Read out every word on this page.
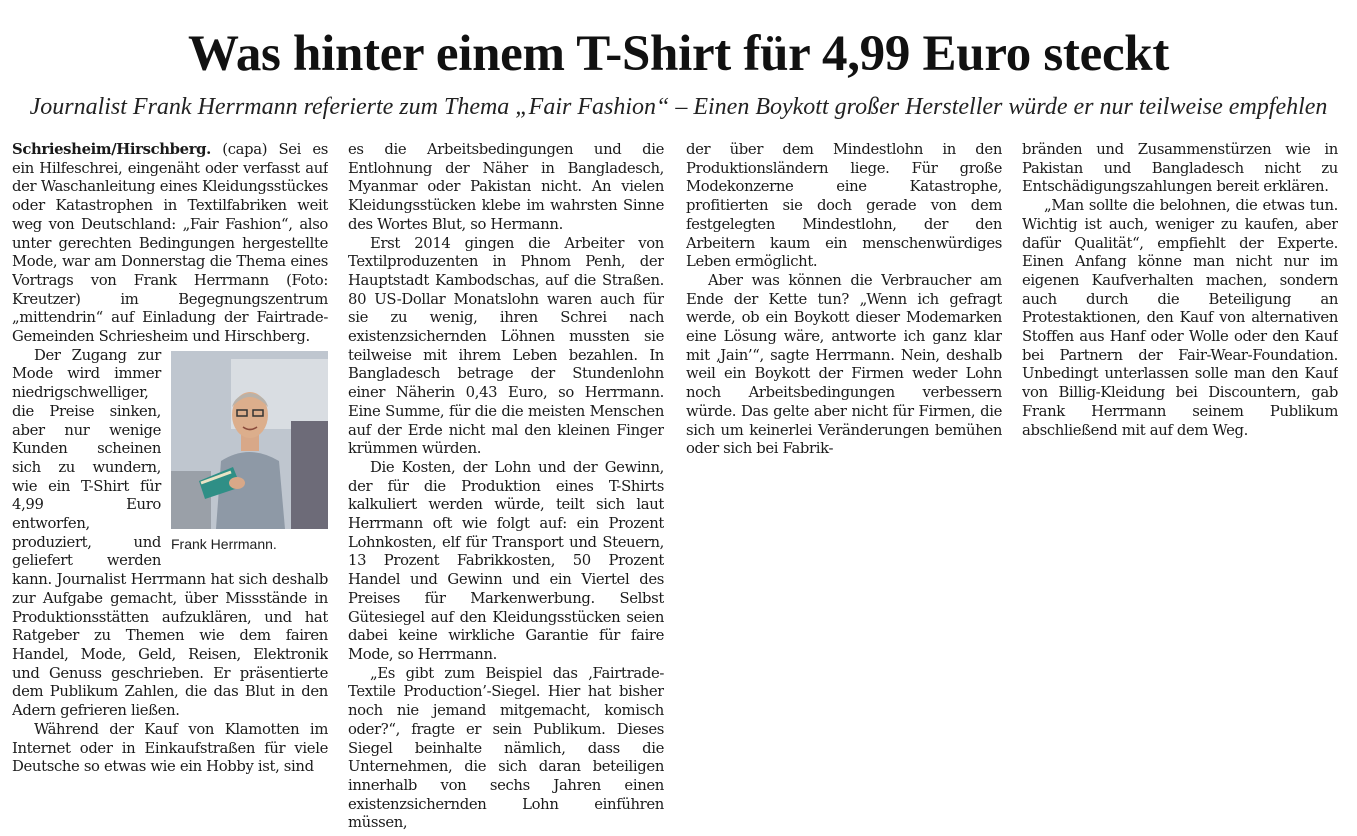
Was hinter einem T-Shirt für 4,99 Euro steckt

Journalist Frank Herrmann referierte zum Thema „Fair Fashion“ – Einen Boykott großer Hersteller würde er nur teilweise empfehlen

Schriesheim/Hirschberg. (capa) Sei es ein Hilfeschrei, eingenäht oder verfasst auf der Waschanleitung eines Kleidungsstückes oder Katastrophen in Textilfabriken weit weg von Deutschland: „Fair Fashion“, also unter gerechten Bedingungen hergestellte Mode, war am Donnerstag die Thema eines Vortrags von Frank Herrmann (Foto: Kreutzer) im Begegnungszentrum „mittendrin“ auf Einladung der Fairtrade-Gemeinden Schriesheim und Hirschberg.

Frank Herrmann.

Der Zugang zur Mode wird immer niedrigschwelliger, die Preise sinken, aber nur wenige Kunden scheinen sich zu wundern, wie ein T-Shirt für 4,99 Euro entworfen, produziert, und geliefert werden kann. Journalist Herrmann hat sich deshalb zur Aufgabe gemacht, über Missstände in Produktionsstätten aufzuklären, und hat Ratgeber zu Themen wie dem fairen Handel, Mode, Geld, Reisen, Elektronik und Genuss geschrieben. Er präsentierte dem Publikum Zahlen, die das Blut in den Adern gefrieren ließen.

Während der Kauf von Klamotten im Internet oder in Einkaufstraßen für viele Deutsche so etwas wie ein Hobby ist, sind

es die Arbeitsbedingungen und die Entlohnung der Näher in Bangladesch, Myanmar oder Pakistan nicht. An vielen Kleidungsstücken klebe im wahrsten Sinne des Wortes Blut, so Hermann.

Erst 2014 gingen die Arbeiter von Textilproduzenten in Phnom Penh, der Hauptstadt Kambodschas, auf die Straßen. 80 US-Dollar Monatslohn waren auch für sie zu wenig, ihren Schrei nach existenzsichernden Löhnen mussten sie teilweise mit ihrem Leben bezahlen. In Bangladesch betrage der Stundenlohn einer Näherin 0,43 Euro, so Herrmann. Eine Summe, für die die meisten Menschen auf der Erde nicht mal den kleinen Finger krümmen würden.

Die Kosten, der Lohn und der Gewinn, der für die Produktion eines T-Shirts kalkuliert werden würde, teilt sich laut Herrmann oft wie folgt auf: ein Prozent Lohnkosten, elf für Transport und Steuern, 13 Prozent Fabrikkosten, 50 Prozent Handel und Gewinn und ein Viertel des Preises für Markenwerbung. Selbst Gütesiegel auf den Kleidungsstücken seien dabei keine wirkliche Garantie für faire Mode, so Herrmann.

„Es gibt zum Beispiel das ‚Fairtrade-Textile Production’-Siegel. Hier hat bisher noch nie jemand mitgemacht, komisch oder?“, fragte er sein Publikum. Dieses Siegel beinhalte nämlich, dass die Unternehmen, die sich daran beteiligen innerhalb von sechs Jahren einen existenzsichernden Lohn einführen müssen,

der über dem Mindestlohn in den Produktionsländern liege. Für große Modekonzerne eine Katastrophe, profitierten sie doch gerade von dem festgelegten Mindestlohn, der den Arbeitern kaum ein menschenwürdiges Leben ermöglicht.

Aber was können die Verbraucher am Ende der Kette tun? „Wenn ich gefragt werde, ob ein Boykott dieser Modemarken eine Lösung wäre, antworte ich ganz klar mit ‚Jain’“, sagte Herrmann. Nein, deshalb weil ein Boykott der Firmen weder Lohn noch Arbeitsbedingungen verbessern würde. Das gelte aber nicht für Firmen, die sich um keinerlei Veränderungen bemühen oder sich bei Fabrik-

bränden und Zusammenstürzen wie in Pakistan und Bangladesch nicht zu Entschädigungszahlungen bereit erklären.

„Man sollte die belohnen, die etwas tun. Wichtig ist auch, weniger zu kaufen, aber dafür Qualität“, empfiehlt der Experte. Einen Anfang könne man nicht nur im eigenen Kaufverhalten machen, sondern auch durch die Beteiligung an Protestaktionen, den Kauf von alternativen Stoffen aus Hanf oder Wolle oder den Kauf bei Partnern der Fair-Wear-Foundation. Unbedingt unterlassen solle man den Kauf von Billig-Kleidung bei Discountern, gab Frank Herrmann seinem Publikum abschließend mit auf dem Weg.
